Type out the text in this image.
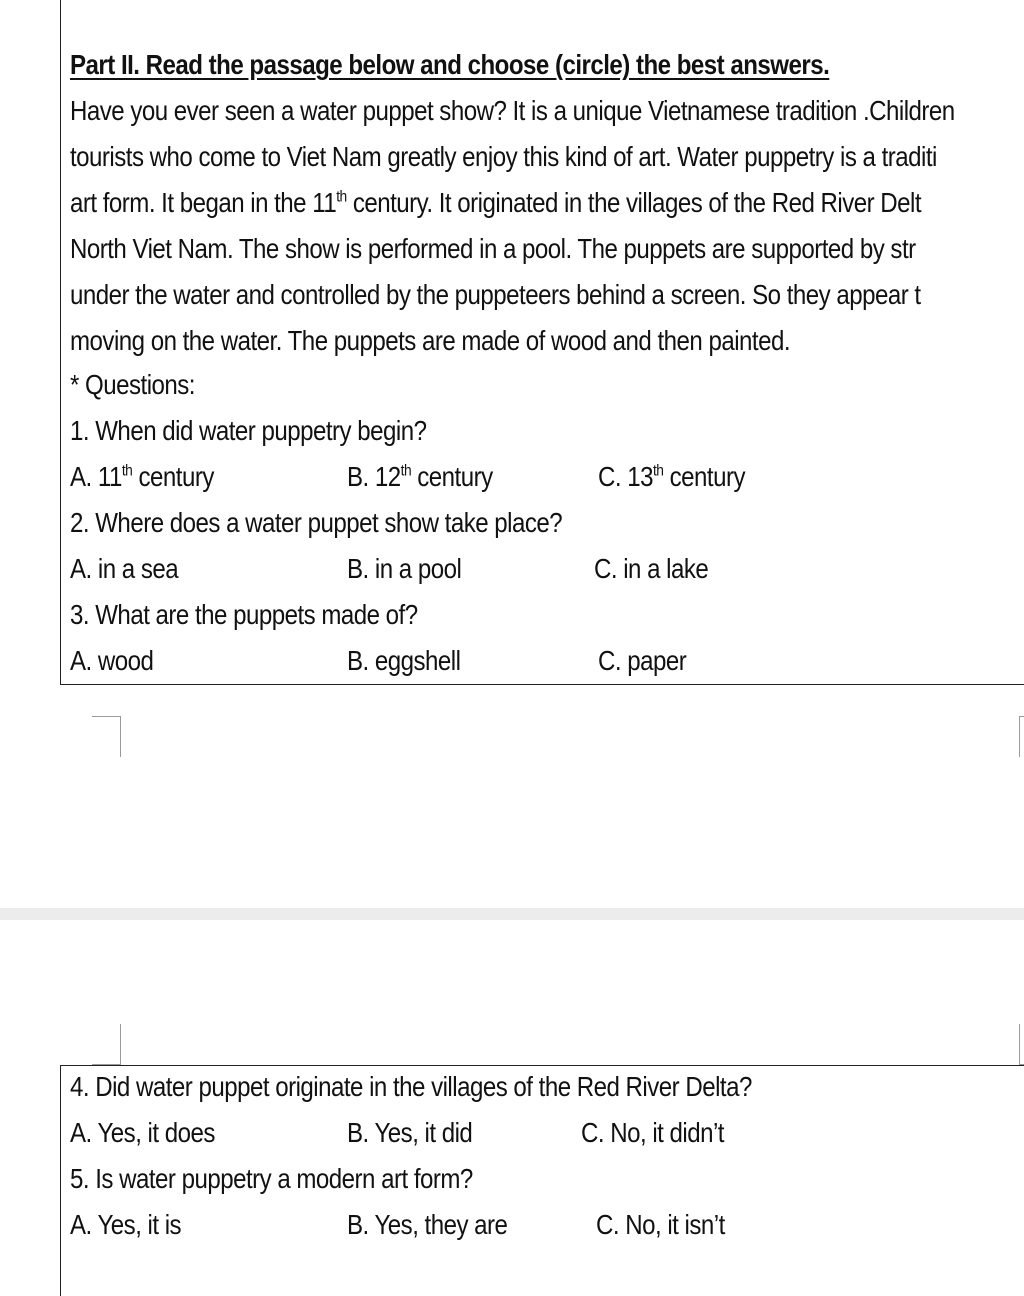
Part II. Read the passage below and choose (circle) the best answers.
Have you ever seen a water puppet show? It is a unique Vietnamese tradition .Children
tourists who come to Viet Nam greatly enjoy this kind of art. Water puppetry is a traditi
art form. It began in the 11th century. It originated in the villages of the Red River Delt
North Viet Nam. The show is performed in a pool. The puppets are supported by str
under the water and controlled by the puppeteers behind a screen. So they appear t
moving on the water. The puppets are made of wood and then painted.
* Questions:
1. When did water puppetry begin?
A. 11th century	B. 12th century	C. 13th century
2. Where does a water puppet show take place?
A. in a sea	B. in a pool	C. in a lake
3. What are the puppets made of?
A. wood	B. eggshell	C. paper
4. Did water puppet originate in the villages of the Red River Delta?
A. Yes, it does	B. Yes, it did	C. No, it didn’t
5. Is water puppetry a modern art form?
A. Yes, it is	B. Yes, they are	C. No, it isn’t
